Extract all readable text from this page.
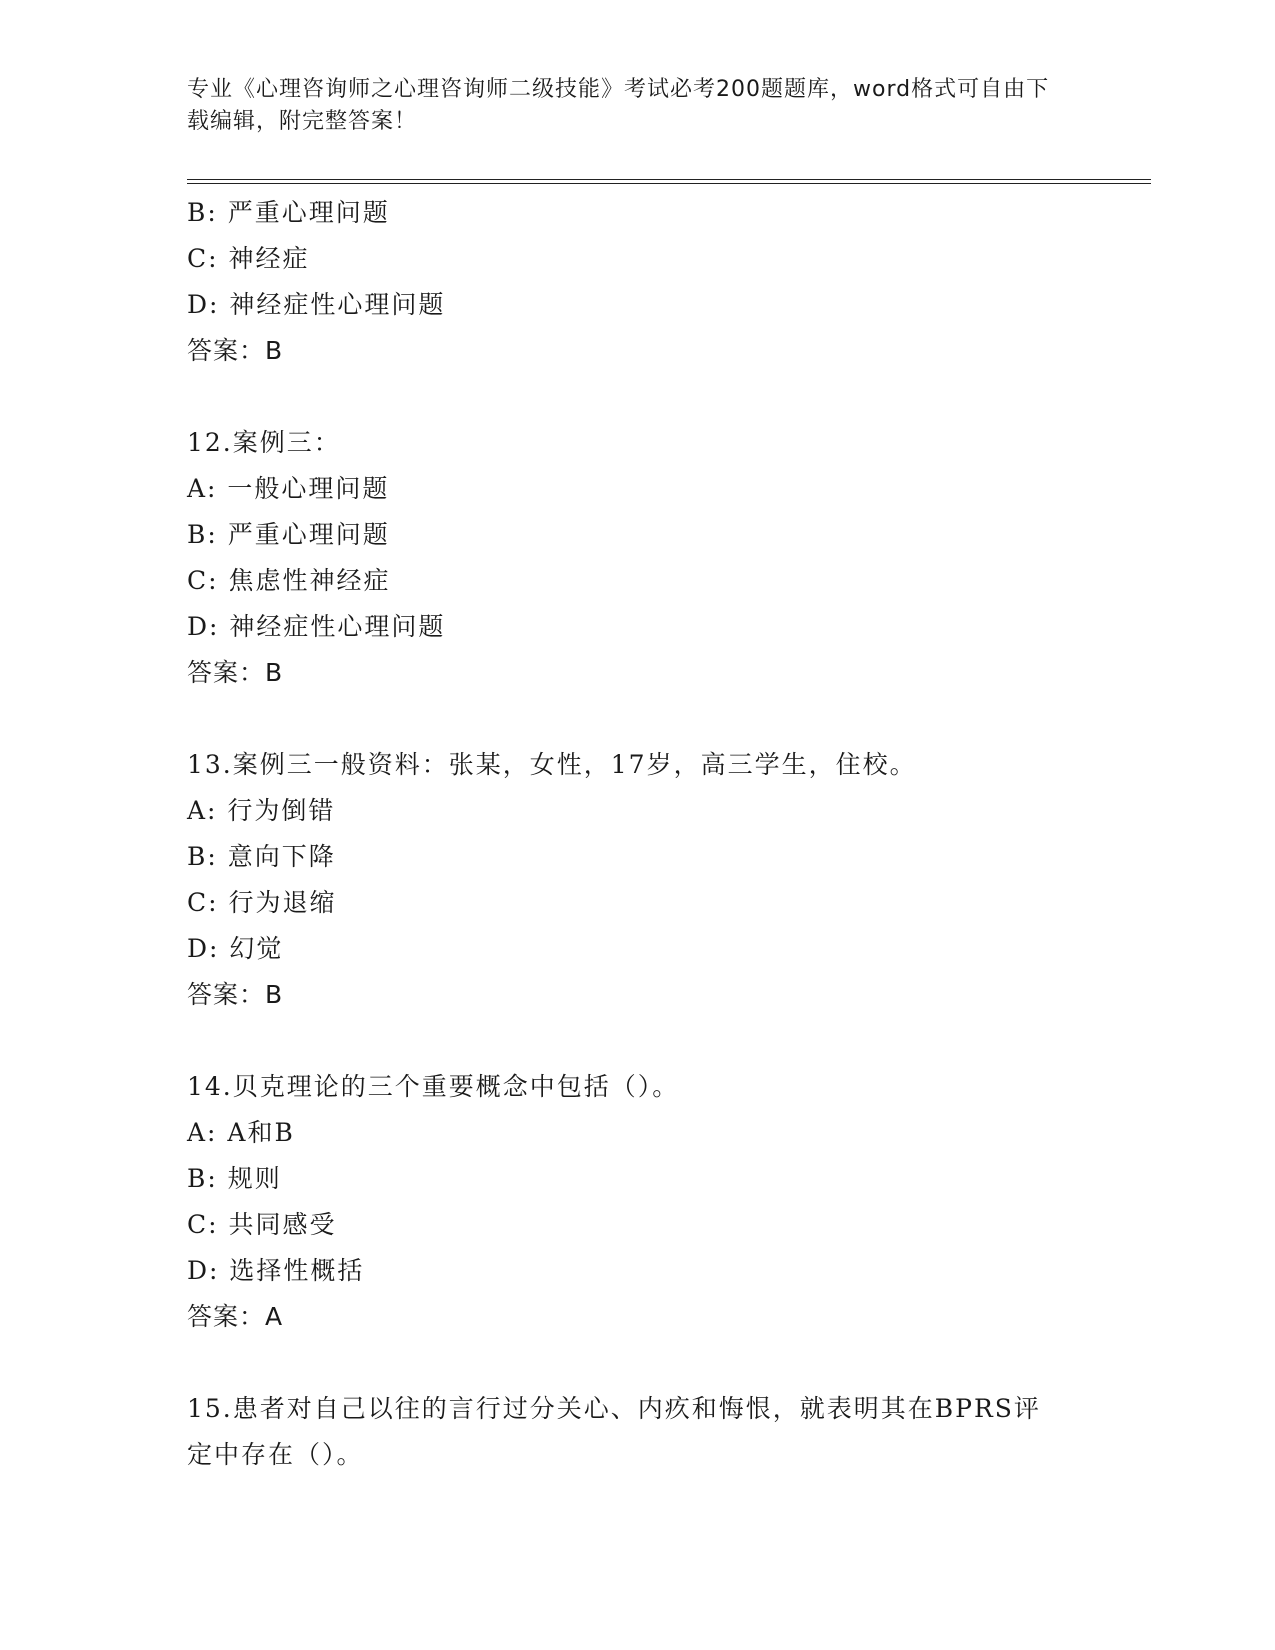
专业《心理咨询师之心理咨询师二级技能》考试必考200题题库，word格式可自由下载编辑，附完整答案！
B: 严重心理问题
C: 神经症
D: 神经症性心理问题
答案：B
12.案例三：
A: 一般心理问题
B: 严重心理问题
C: 焦虑性神经症
D: 神经症性心理问题
答案：B
13.案例三一般资料：张某，女性，17岁，高三学生，住校。
A: 行为倒错
B: 意向下降
C: 行为退缩
D: 幻觉
答案：B
14.贝克理论的三个重要概念中包括（）。
A: A和B
B: 规则
C: 共同感受
D: 选择性概括
答案：A
15.患者对自己以往的言行过分关心、内疚和悔恨，就表明其在BPRS评定中存在（）。
